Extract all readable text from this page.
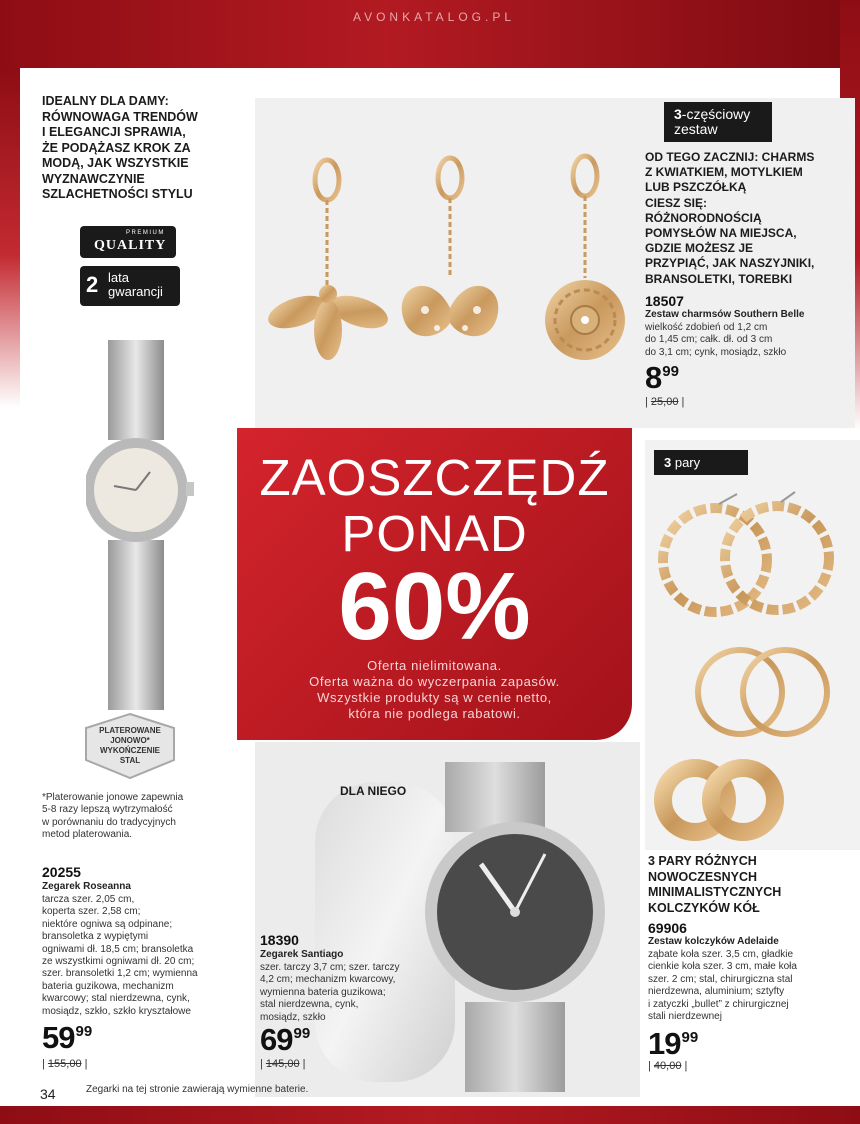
AVONKATALOG.PL
IDEALNY DLA DAMY:
RÓWNOWAGA TRENDÓW
I ELEGANCJI SPRAWIA,
ŻE PODĄŻASZ KROK ZA
MODĄ, JAK WSZYSTKIE
WYZNAWCZYNIE
SZLACHETNOŚCI STYLU
PREMIUM
QUALITY
2 lata
gwarancji
3-częściowy
zestaw
OD TEGO ZACZNIJ: CHARMS
Z KWIATKIEM, MOTYLKIEM
LUB PSZCZÓŁKĄ
CIESZ SIĘ:
RÓŻNORODNOŚCIĄ
POMYSŁÓW NA MIEJSCA,
GDZIE MOŻESZ JE
PRZYPIĄĆ, JAK NASZYJNIKI,
BRANSOLETKI, TOREBKI
18507
Zestaw charmsów Southern Belle
wielkość zdobień od 1,2 cm
do 1,45 cm; całk. dł. od 3 cm
do 3,1 cm; cynk, mosiądz, szkło
$8^{99}$
| 25,00 |
ZAOSZCZĘDŹ
PONAD
60%
Oferta nielimitowana.
Oferta ważna do wyczerpania zapasów.
Wszystkie produkty są w cenie netto,
która nie podlega rabatowi.
3 pary
3 PARY RÓŻNYCH
NOWOCZESNYCH
MINIMALISTYCZNYCH
KOLCZYKÓW KÓŁ
69906
Zestaw kolczyków Adelaide
ząbate koła szer. 3,5 cm, gładkie
cienkie koła szer. 3 cm, małe koła
szer. 2 cm; stal, chirurgiczna stal
nierdzewna, aluminium; sztyfty
i zatyczki „bullet” z chirurgicznej
stali nierdzewnej
$19^{99}$
| 40,00 |
PLATEROWANE
JONOWO*
WYKOŃCZENIE
STAL
*Platerowanie jonowe zapewnia
5-8 razy lepszą wytrzymałość
w porównaniu do tradycyjnych
metod platerowania.
20255
Zegarek Roseanna
tarcza szer. 2,05 cm,
koperta szer. 2,58 cm;
niektóre ogniwa są odpinane;
bransoletka z wypiętymi
ogniwami dł. 18,5 cm; bransoletka
ze wszystkimi ogniwami dł. 20 cm;
szer. bransoletki 1,2 cm; wymienna
bateria guzikowa, mechanizm
kwarcowy; stal nierdzewna, cynk,
mosiądz, szkło, szkło kryształowe
$59^{99}$
| 155,00 |
DLA NIEGO
18390
Zegarek Santiago
szer. tarczy 3,7 cm; szer. tarczy
4,2 cm; mechanizm kwarcowy,
wymienna bateria guzikowa;
stal nierdzewna, cynk,
mosiądz, szkło
$69^{99}$
| 145,00 |
34	Zegarki na tej stronie zawierają wymienne baterie.
